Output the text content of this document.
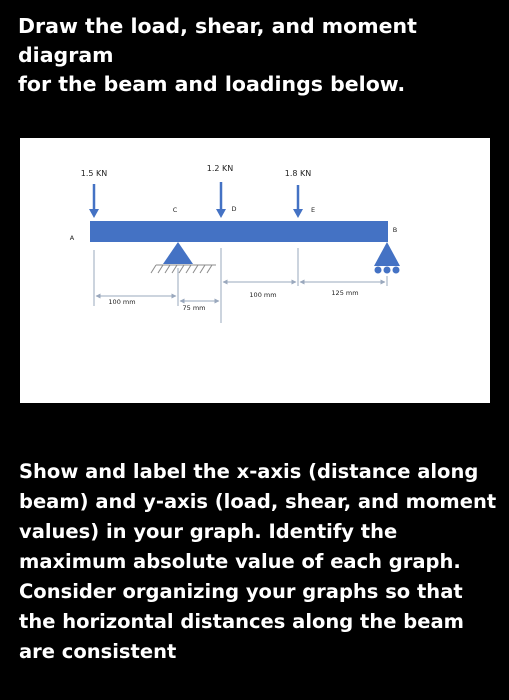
Draw the load, shear, and moment diagram
for the beam and loadings below.
1.5 KN
1.2 KN
1.8 KN
A
C	D	E
B
100 mm
75 mm
100 mm	125 mm

Show and label the x-axis (distance along
beam) and y-axis (load, shear, and moment
values) in your graph. Identify the
maximum absolute value of each graph.
Consider organizing your graphs so that
the horizontal distances along the beam
are consistent
